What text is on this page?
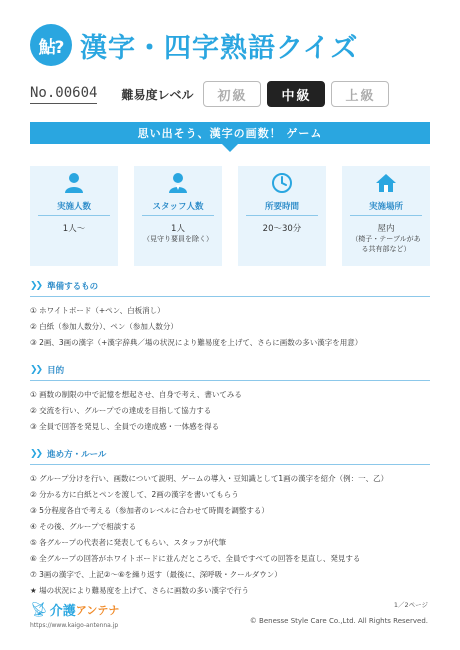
鮎? 漢字・四字熟語クイズ
No.00604 難易度レベル	初級	中級	上級
思い出そう、漢字の画数！ ゲーム
実施人数
1人～
スタッフ人数
1人
（見守り要員を除く）
所要時間
20～30分
実施場所
屋内
（椅子・テーブルがある共有部など）
❯❯ 準備するもの
① ホワイトボード（+ペン、白板消し）
② 白紙（参加人数分）、ペン（参加人数分）
③ 2画、3画の漢字（+漢字辞典／場の状況により難易度を上げて、さらに画数の多い漢字を用意）
❯❯ 目的
① 画数の制限の中で記憶を想起させ、自身で考え、書いてみる
② 交流を行い、グループでの達成を目指して協力する
③ 全員で回答を発見し、全員での達成感・一体感を得る
❯❯ 進め方・ルール
① グループ分けを行い、画数について説明、ゲームの導入・豆知識として1画の漢字を紹介（例：一、乙）
② 分かる方に白紙とペンを渡して、2画の漢字を書いてもらう
③ 5分程度各自で考える（参加者のレベルに合わせて時間を調整する）
④ その後、グループで相談する
⑤ 各グループの代表者に発表してもらい、スタッフが代筆
⑥ 全グループの回答がホワイトボードに並んだところで、全員ですべての回答を見直し、発見する
⑦ 3画の漢字で、上記②～⑥を繰り返す（最後に、深呼吸・クールダウン）
★ 場の状況により難易度を上げて、さらに画数の多い漢字で行う
📡︎ 介護 アンテナ
https://www.kaigo-antenna.jp
1／2ページ
© Benesse Style Care Co.,Ltd. All Rights Reserved.
